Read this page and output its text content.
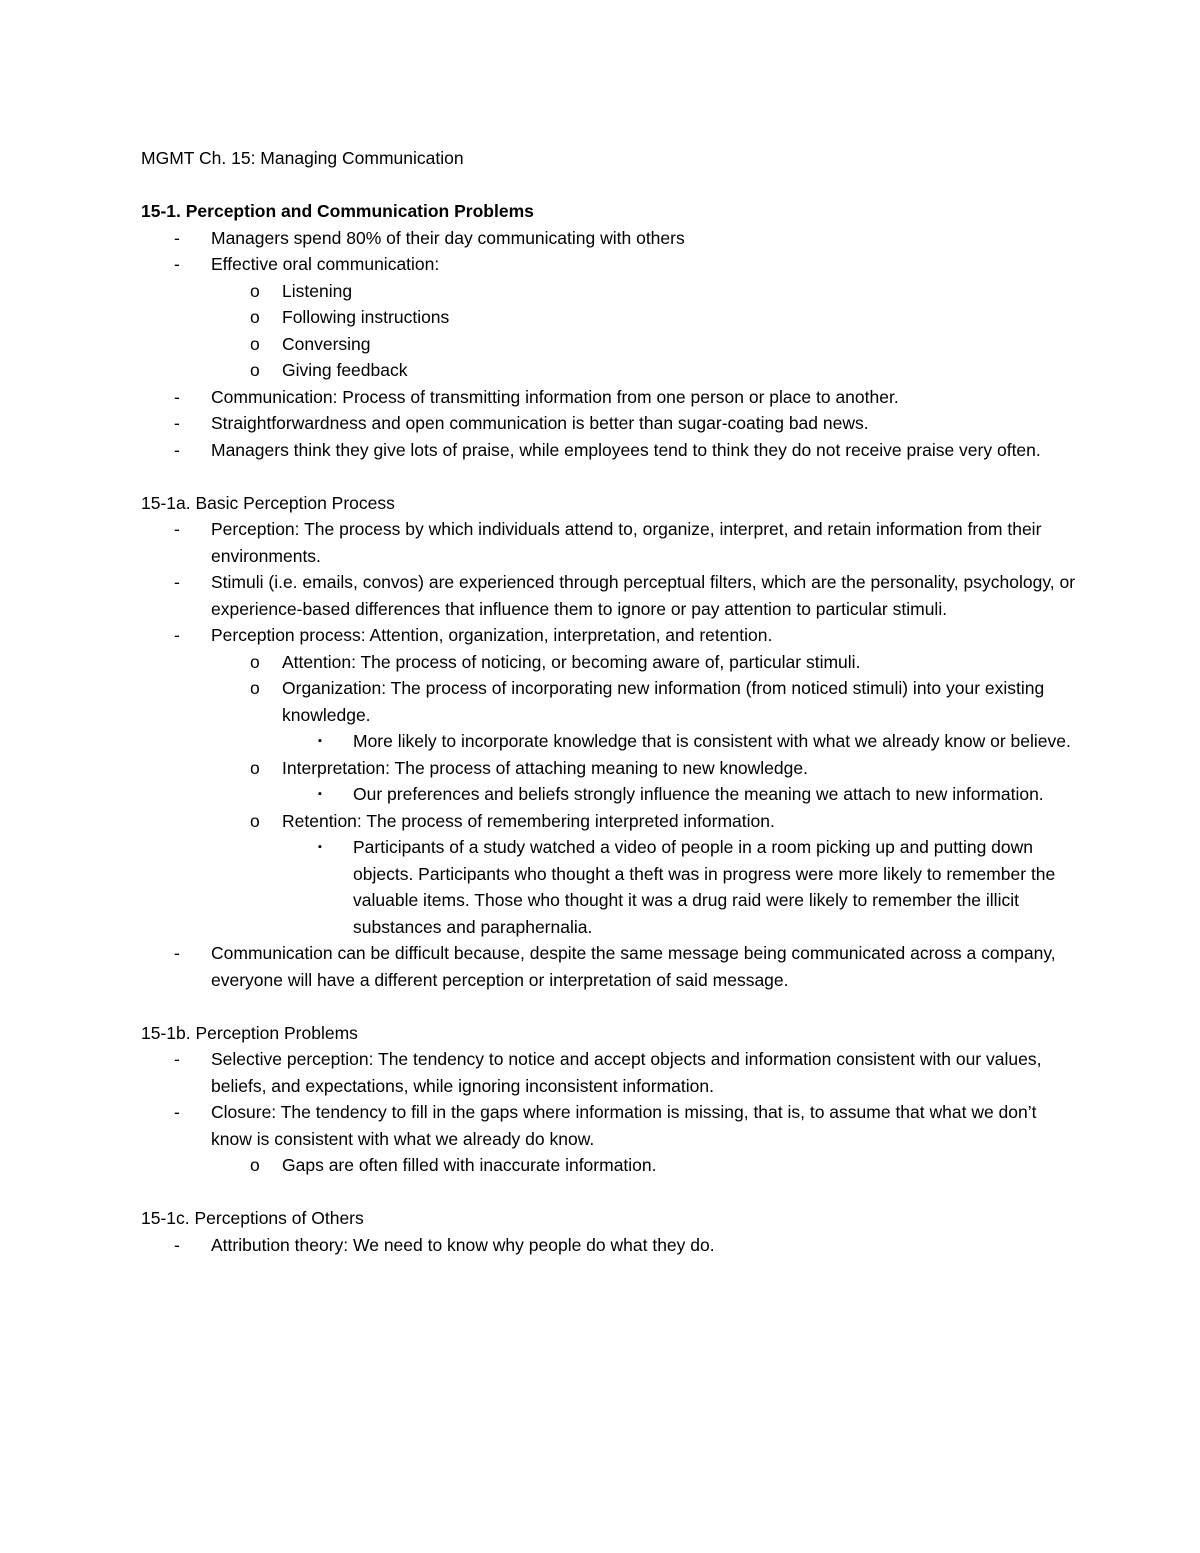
MGMT Ch. 15: Managing Communication

15-1. Perception and Communication Problems

- Managers spend 80% of their day communicating with others
- Effective oral communication:
o Listening
o Following instructions
o Conversing
o Giving feedback
- Communication: Process of transmitting information from one person or place to another.
- Straightforwardness and open communication is better than sugar-coating bad news.
- Managers think they give lots of praise, while employees tend to think they do not receive praise very often.

15-1a. Basic Perception Process

- Perception: The process by which individuals attend to, organize, interpret, and retain information from their environments.
- Stimuli (i.e. emails, convos) are experienced through perceptual filters, which are the personality, psychology, or experience-based differences that influence them to ignore or pay attention to particular stimuli.
- Perception process: Attention, organization, interpretation, and retention.
o Attention: The process of noticing, or becoming aware of, particular stimuli.
o Organization: The process of incorporating new information (from noticed stimuli) into your existing knowledge.
▪ More likely to incorporate knowledge that is consistent with what we already know or believe.
o Interpretation: The process of attaching meaning to new knowledge.
▪ Our preferences and beliefs strongly influence the meaning we attach to new information.
o Retention: The process of remembering interpreted information.
▪ Participants of a study watched a video of people in a room picking up and putting down objects. Participants who thought a theft was in progress were more likely to remember the valuable items. Those who thought it was a drug raid were likely to remember the illicit substances and paraphernalia.
- Communication can be difficult because, despite the same message being communicated across a company, everyone will have a different perception or interpretation of said message.

15-1b. Perception Problems

- Selective perception: The tendency to notice and accept objects and information consistent with our values, beliefs, and expectations, while ignoring inconsistent information.
- Closure: The tendency to fill in the gaps where information is missing, that is, to assume that what we don’t know is consistent with what we already do know.
o Gaps are often filled with inaccurate information.

15-1c. Perceptions of Others

- Attribution theory: We need to know why people do what they do.
